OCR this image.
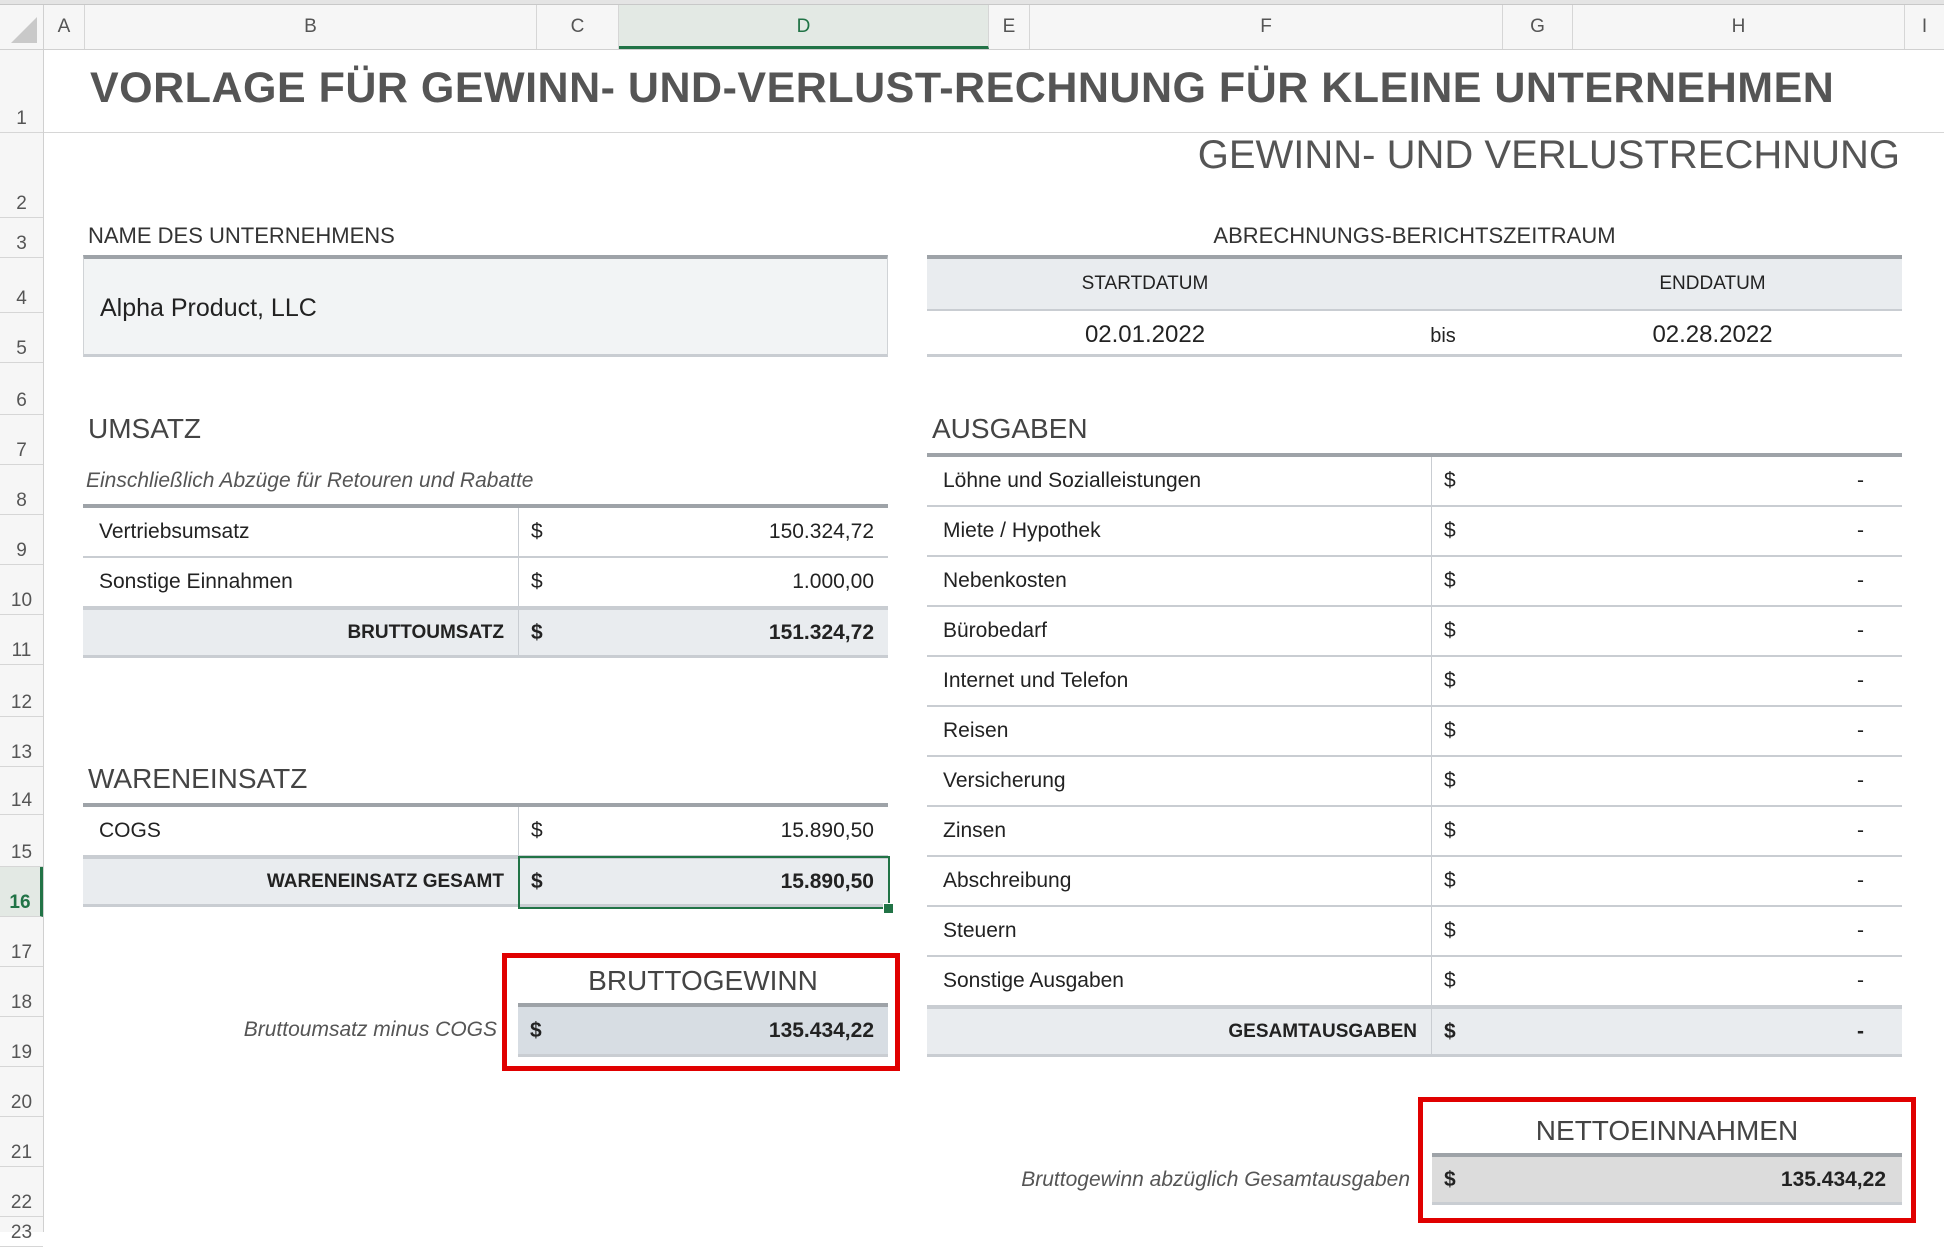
A	B	C	D	E	F	G	H	I
1
2
3
4
5
6
7
8
9
10
11
12
13
14
15
16
17
18
19
20
21
22
23
VORLAGE FÜR GEWINN- UND-VERLUST-RECHNUNG FÜR KLEINE UNTERNEHMEN
GEWINN- UND VERLUSTRECHNUNG
NAME DES UNTERNEHMENS
Alpha Product, LLC
ABRECHNUNGS-BERICHTSZEITRAUM
STARTDATUM	ENDDATUM
02.01.2022	bis	02.28.2022
UMSATZ
Einschließlich Abzüge für Retouren und Rabatte
Vertriebsumsatz	$	150.324,72
Sonstige Einnahmen	$	1.000,00
BRUTTOUMSATZ	$	151.324,72
WARENEINSATZ
COGS	$	15.890,50
WARENEINSATZ GESAMT	$	15.890,50
Bruttoumsatz minus COGS
BRUTTOGEWINN
$	135.434,22
AUSGABEN
Löhne und Sozialleistungen	$	-
Miete / Hypothek	$	-
Nebenkosten	$	-
Bürobedarf	$	-
Internet und Telefon	$	-
Reisen	$	-
Versicherung	$	-
Zinsen	$	-
Abschreibung	$	-
Steuern	$	-
Sonstige Ausgaben	$	-
GESAMTAUSGABEN	$	-
Bruttogewinn abzüglich Gesamtausgaben
NETTOEINNAHMEN
$	135.434,22
